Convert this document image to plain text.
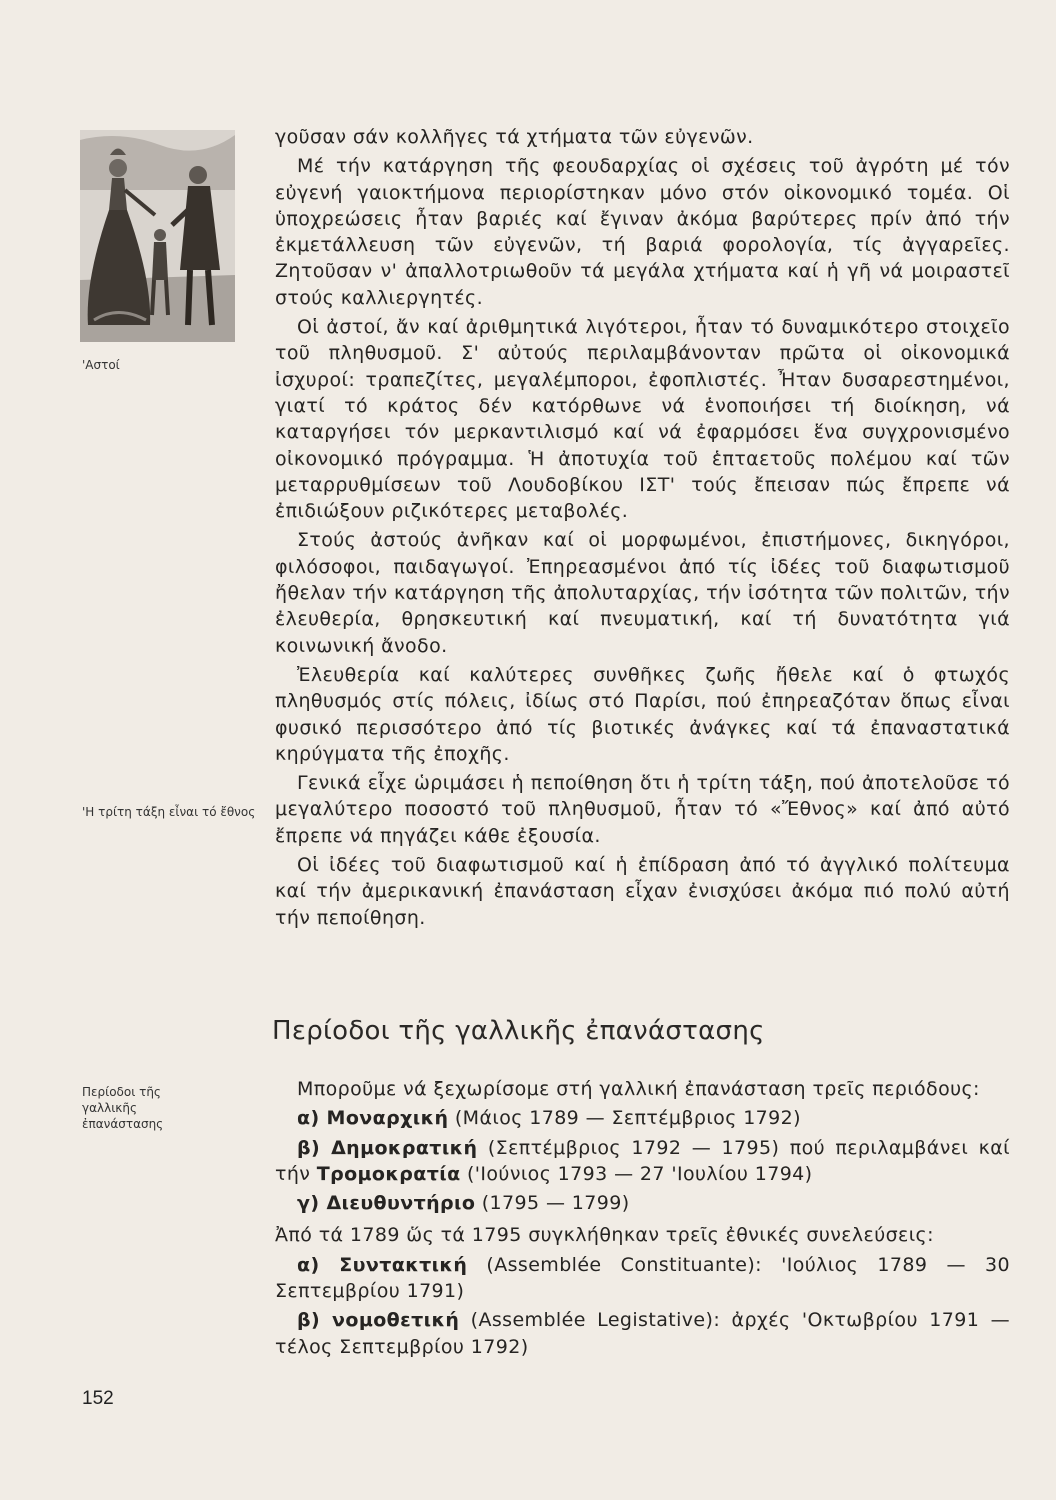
'Αστοί
'Η τρίτη τάξη εἶναι τό ἔθνος
Περίοδοι τῆς γαλλικῆς ἐπανάστασης

γοῦσαν σάν κολλῆγες τά χτήματα τῶν εὐγενῶν.

Μέ τήν κατάργηση τῆς φεουδαρχίας οἱ σχέσεις τοῦ ἀγρότη μέ τόν εὐγενή γαιοκτήμονα περιορίστηκαν μόνο στόν οἰκονομικό τομέα. Οἱ ὑποχρεώσεις ἦταν βαριές καί ἔγιναν ἀκόμα βαρύτερες πρίν ἀπό τήν ἐκμετάλλευση τῶν εὐγενῶν, τή βαριά φορολογία, τίς ἀγγαρεῖες. Ζητοῦσαν ν' ἀπαλλοτριωθοῦν τά μεγάλα χτήματα καί ἡ γῆ νά μοιραστεῖ στούς καλλιεργητές.

Οἱ ἀστοί, ἄν καί ἀριθμητικά λιγότεροι, ἦταν τό δυναμικότερο στοιχεῖο τοῦ πληθυσμοῦ. Σ' αὐτούς περιλαμβάνονταν πρῶτα οἱ οἰκονομικά ἰσχυροί: τραπεζίτες, μεγαλέμποροι, ἐφοπλιστές. Ἦταν δυσαρεστημένοι, γιατί τό κράτος δέν κατόρθωνε νά ἑνοποιήσει τή διοίκηση, νά καταργήσει τόν μερκαντιλισμό καί νά ἐφαρμόσει ἕνα συγχρονισμένο οἰκονομικό πρόγραμμα. Ἡ ἀποτυχία τοῦ ἑπταετοῦς πολέμου καί τῶν μεταρρυθμίσεων τοῦ Λουδοβίκου ΙΣΤ' τούς ἔπεισαν πώς ἔπρεπε νά ἐπιδιώξουν ριζικότερες μεταβολές.

Στούς ἀστούς ἀνῆκαν καί οἱ μορφωμένοι, ἐπιστήμονες, δικηγόροι, φιλόσοφοι, παιδαγωγοί. Ἐπηρεασμένοι ἀπό τίς ἰδέες τοῦ διαφωτισμοῦ ἤθελαν τήν κατάργηση τῆς ἀπολυταρχίας, τήν ἰσότητα τῶν πολιτῶν, τήν ἐλευθερία, θρησκευτική καί πνευματική, καί τή δυνατότητα γιά κοινωνική ἄνοδο.

Ἐλευθερία καί καλύτερες συνθῆκες ζωῆς ἤθελε καί ὁ φτωχός πληθυσμός στίς πόλεις, ἰδίως στό Παρίσι, πού ἐπηρεαζόταν ὅπως εἶναι φυσικό περισσότερο ἀπό τίς βιοτικές ἀνάγκες καί τά ἐπαναστατικά κηρύγματα τῆς ἐποχῆς.

Γενικά εἶχε ὡριμάσει ἡ πεποίθηση ὅτι ἡ τρίτη τάξη, πού ἀποτελοῦσε τό μεγαλύτερο ποσοστό τοῦ πληθυσμοῦ, ἦταν τό «Ἔθνος» καί ἀπό αὐτό ἔπρεπε νά πηγάζει κάθε ἐξουσία.

Οἱ ἰδέες τοῦ διαφωτισμοῦ καί ἡ ἐπίδραση ἀπό τό ἀγγλικό πολίτευμα καί τήν ἀμερικανική ἐπανάσταση εἶχαν ἐνισχύσει ἀκόμα πιό πολύ αὐτή τήν πεποίθηση.

Περίοδοι τῆς γαλλικῆς ἐπανάστασης

Μποροῦμε νά ξεχωρίσομε στή γαλλική ἐπανάσταση τρεῖς περιόδους:

α) Μοναρχική (Μάιος 1789 — Σεπτέμβριος 1792)

β) Δημοκρατική (Σεπτέμβριος 1792 — 1795) πού περιλαμβάνει καί τήν Τρομοκρατία ('Ιούνιος 1793 — 27 'Ιουλίου 1794)

γ) Διευθυντήριο (1795 — 1799)

Ἀπό τά 1789 ὥς τά 1795 συγκλήθηκαν τρεῖς ἐθνικές συνελεύσεις:

α) Συντακτική (Assemblée Constituante): 'Ιούλιος 1789 — 30 Σεπτεμβρίου 1791)

β) νομοθετική (Assemblée Legistative): ἀρχές 'Οκτωβρίου 1791 — τέλος Σεπτεμβρίου 1792)

152
